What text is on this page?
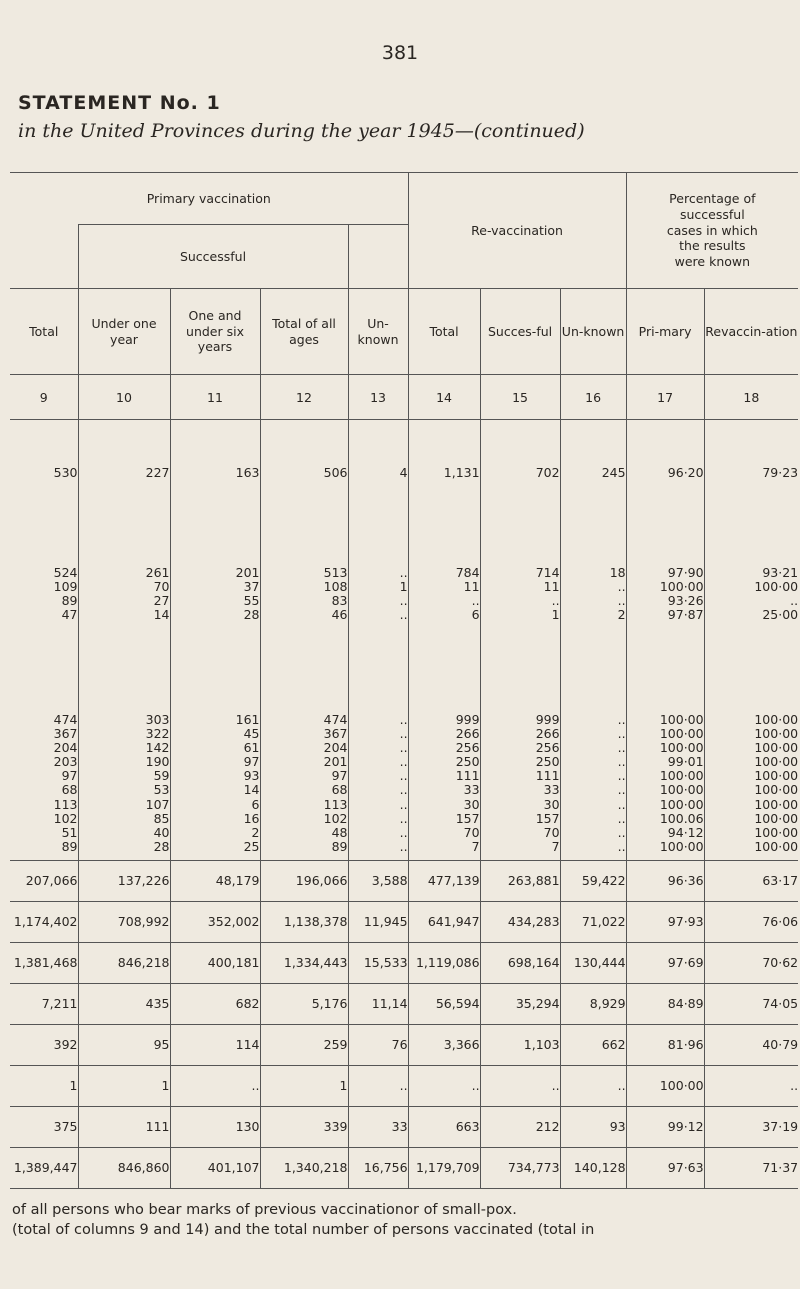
381
STATEMENT No. 1
in the United Provinces during the year 1945—(continued)
Primary vaccination					Re-vaccination			Percentage of successful cases in which the results were known	
	Successful								
Total	Under one year	One and under six years	Total of all ages	Un-known	Total	Succes-ful	Un-known	Pri-mary	Revaccin-ation
9	10	11	12	13	14	15	16	17	18
530	227	163	506	4	1,131	702	245	96·20	79·23
524	261	201	513	..	784	714	18	97·90	93·21
109	70	37	108	1	11	11	..	100·00	100·00
89	27	55	83	..	..	..	..	93·26	..
47	14	28	46	..	6	1	2	97·87	25·00
474	303	161	474	..	999	999	..	100·00	100·00
367	322	45	367	..	266	266	..	100·00	100·00
204	142	61	204	..	256	256	..	100·00	100·00
203	190	97	201	..	250	250	..	99·01	100·00
97	59	93	97	..	111	111	..	100·00	100·00
68	53	14	68	..	33	33	..	100·00	100·00
113	107	6	113	..	30	30	..	100·00	100·00
102	85	16	102	..	157	157	..	100.06	100·00
51	40	2	48	..	70	70	..	94·12	100·00
89	28	25	89	..	7	7	..	100·00	100·00
207,066	137,226	48,179	196,066	3,588	477,139	263,881	59,422	96·36	63·17
1,174,402	708,992	352,002	1,138,378	11,945	641,947	434,283	71,022	97·93	76·06
1,381,468	846,218	400,181	1,334,443	15,533	1,119,086	698,164	130,444	97·69	70·62
7,211	435	682	5,176	11,14	56,594	35,294	8,929	84·89	74·05
392	95	114	259	76	3,366	1,103	662	81·96	40·79
1	1	..	1	..	..	..	..	100·00	..
375	111	130	339	33	663	212	93	99·12	37·19
1,389,447	846,860	401,107	1,340,218	16,756	1,179,709	734,773	140,128	97·63	71·37
of all persons who bear marks of previous vaccinationor of small-pox.
(total of columns 9 and 14) and the total number of persons vaccinated (total in
